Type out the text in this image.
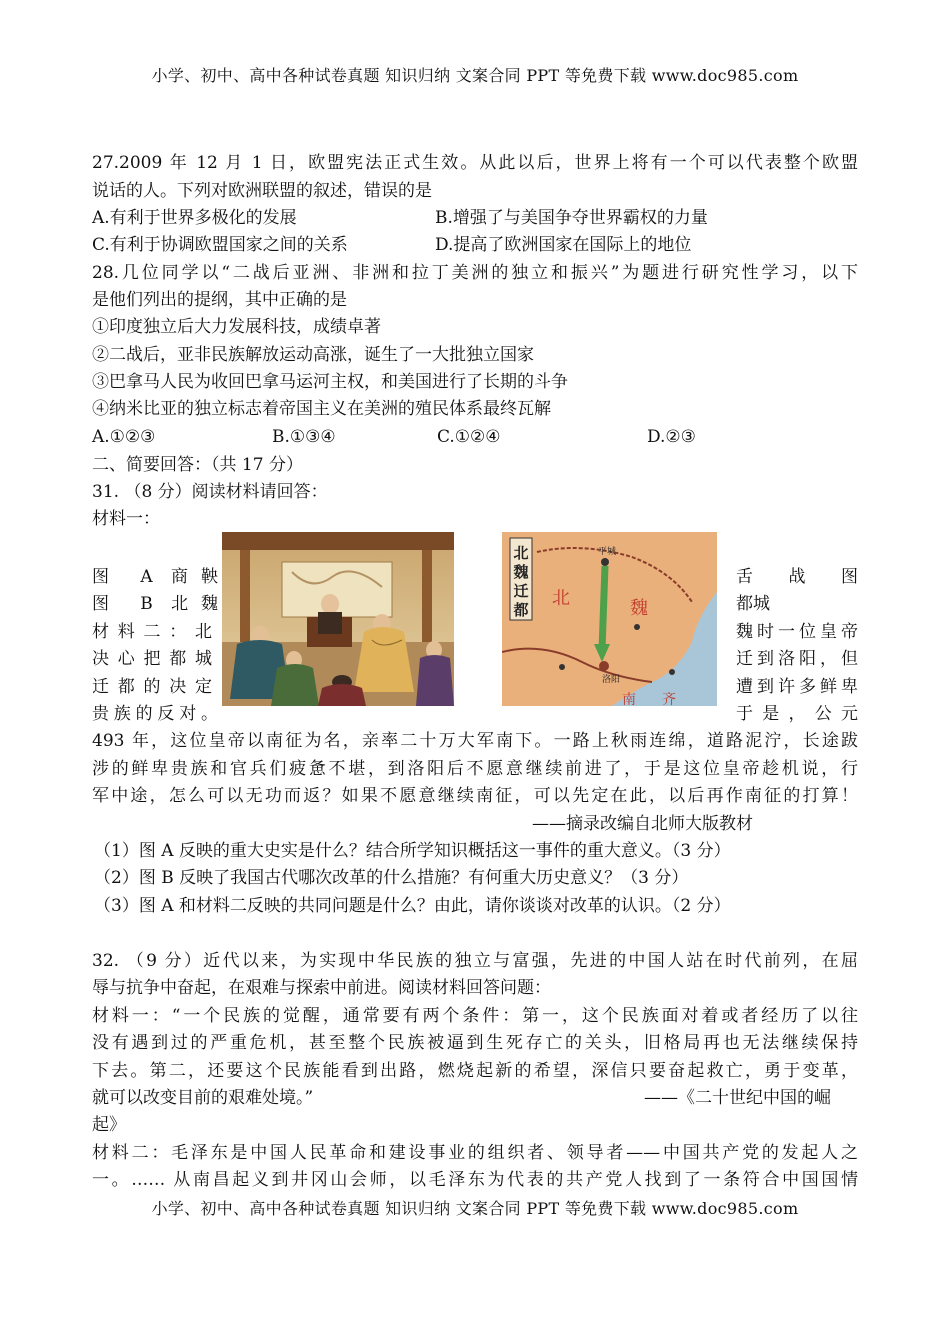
小学、初中、高中各种试卷真题 知识归纳 文案合同 PPT 等免费下载 www.doc985.com
27.2009 年 12 月 1 日，欧盟宪法正式生效。从此以后，世界上将有一个可以代表整个欧盟
说话的人。下列对欧洲联盟的叙述，错误的是
A.有利于世界多极化的发展	B.增强了与美国争夺世界霸权的力量
C.有利于协调欧盟国家之间的关系	D.提高了欧洲国家在国际上的地位
28.几位同学以“二战后亚洲、非洲和拉丁美洲的独立和振兴”为题进行研究性学习，以下
是他们列出的提纲，其中正确的是
①印度独立后大力发展科技，成绩卓著
②二战后，亚非民族解放运动高涨，诞生了一大批独立国家
③巴拿马人民为收回巴拿马运河主权，和美国进行了长期的斗争
④纳米比亚的独立标志着帝国主义在美洲的殖民体系最终瓦解
A.①②③	B.①③④	C.①②④	D.②③
二、简要回答：（共 17 分）
31. （8 分）阅读材料请回答：
材料一：
北
魏
迁
都
平城
洛阳
北	魏
南 齐
图 A 商鞅	舌 战 图
图 B 北魏	都城
材料二：北	魏时一位皇帝
决心把都城	迁到洛阳，但
迁都的决定	遭到许多鲜卑
贵族的反对。	于是，公元
493 年，这位皇帝以南征为名，亲率二十万大军南下。一路上秋雨连绵，道路泥泞，长途跋
涉的鲜卑贵族和官兵们疲惫不堪，到洛阳后不愿意继续前进了，于是这位皇帝趁机说，行
军中途，怎么可以无功而返？如果不愿意继续南征，可以先定在此，以后再作南征的打算！
——摘录改编自北师大版教材
（1）图 A 反映的重大史实是什么？结合所学知识概括这一事件的重大意义。（3 分）
（2）图 B 反映了我国古代哪次改革的什么措施？有何重大历史意义？（3 分）
（3）图 A 和材料二反映的共同问题是什么？由此，请你谈谈对改革的认识。（2 分）
32. （9 分）近代以来，为实现中华民族的独立与富强，先进的中国人站在时代前列，在屈
辱与抗争中奋起，在艰难与探索中前进。阅读材料回答问题：
材料一：“一个民族的觉醒，通常要有两个条件：第一，这个民族面对着或者经历了以往
没有遇到过的严重危机，甚至整个民族被逼到生死存亡的关头，旧格局再也无法继续保持
下去。第二，还要这个民族能看到出路，燃烧起新的希望，深信只要奋起救亡，勇于变革，
就可以改变目前的艰难处境。”	——《二十世纪中国的崛
起》
材料二：毛泽东是中国人民革命和建设事业的组织者、领导者——中国共产党的发起人之
一。…… 从南昌起义到井冈山会师，以毛泽东为代表的共产党人找到了一条符合中国国情
小学、初中、高中各种试卷真题 知识归纳 文案合同 PPT 等免费下载 www.doc985.com
